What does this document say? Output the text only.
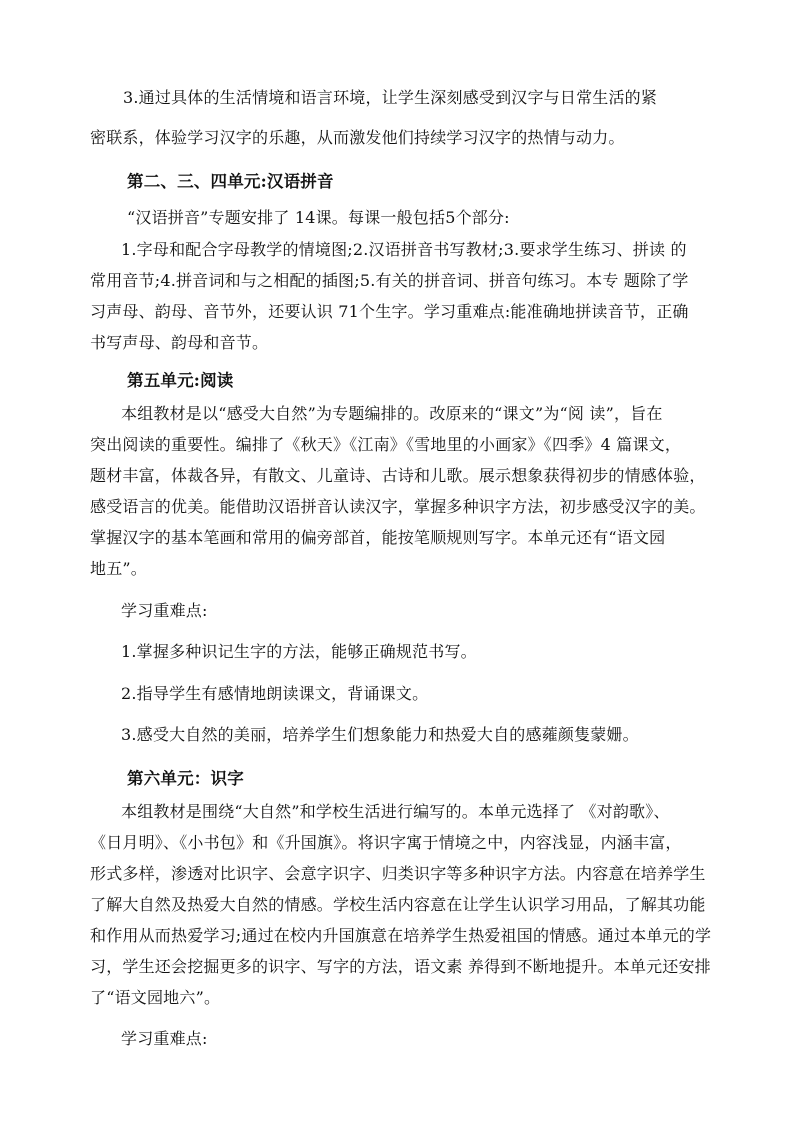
3.通过具体的生活情境和语言环境，让学生深刻感受到汉字与日常生活的紧
密联系，体验学习汉字的乐趣，从而激发他们持续学习汉字的热情与动力。
第二、三、四单元:汉语拼音
“汉语拼音”专题安排了 14课。每课一般包括5个部分:
1.字母和配合字母教学的情境图;2.汉语拼音书写教材;3.要求学生练习、拼读 的
常用音节;4.拼音词和与之相配的插图;5.有关的拼音词、拼音句练习。本专 题除了学
习声母、韵母、音节外，还要认识 71个生字。学习重难点:能准确地拼读音节，正确
书写声母、韵母和音节。
第五单元:阅读
本组教材是以“感受大自然”为专题编排的。改原来的“课文”为“阅 读”，旨在
突出阅读的重要性。编排了《秋天》《江南》《雪地里的小画家》《四季》4 篇课文，
题材丰富，体裁各异，有散文、儿童诗、古诗和儿歌。展示想象获得初步的情感体验，
感受语言的优美。能借助汉语拼音认读汉字，掌握多种识字方法，初步感受汉字的美。
掌握汉字的基本笔画和常用的偏旁部首，能按笔顺规则写字。本单元还有“语文园
地五”。
学习重难点:
1.掌握多种识记生字的方法，能够正确规范书写。
2.指导学生有感情地朗读课文，背诵课文。
3.感受大自然的美丽，培养学生们想象能力和热爱大自的感蕹颜隻蒙姗。
第六单元：识字
本组教材是围绕“大自然”和学校生活进行编写的。本单元选择了 《对韵歌》、
《日月明》、《小书包》和《升国旗》。将识字寓于情境之中，内容浅显，内涵丰富，
形式多样，渗透对比识字、会意字识字、归类识字等多种识字方法。内容意在培养学生
了解大自然及热爱大自然的情感。学校生活内容意在让学生认识学习用品，了解其功能
和作用从而热爱学习;通过在校内升国旗意在培养学生热爱祖国的情感。通过本单元的学
习，学生还会挖掘更多的识字、写字的方法，语文素 养得到不断地提升。本单元还安排
了“语文园地六”。
学习重难点:
